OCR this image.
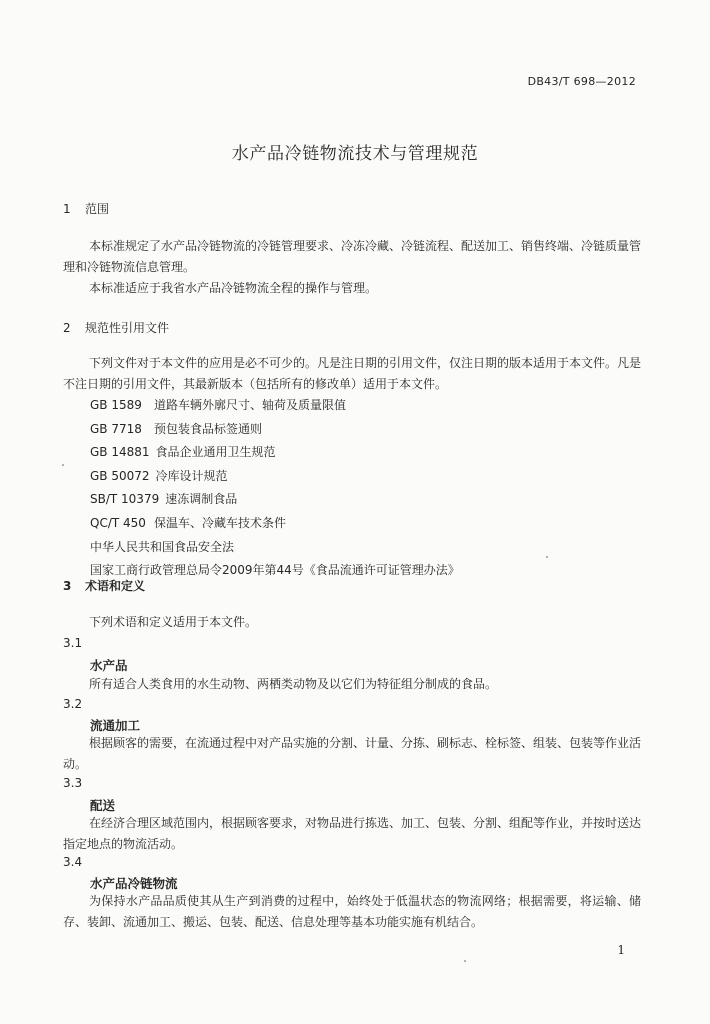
DB43/T 698—2012
水产品冷链物流技术与管理规范
1 范围
本标准规定了水产品冷链物流的冷链管理要求、冷冻冷藏、冷链流程、配送加工、销售终端、冷链质量管理和冷链物流信息管理。
本标准适应于我省水产品冷链物流全程的操作与管理。
2 规范性引用文件
下列文件对于本文件的应用是必不可少的。凡是注日期的引用文件，仅注日期的版本适用于本文件。凡是不注日期的引用文件，其最新版本（包括所有的修改单）适用于本文件。
GB 1589 道路车辆外廓尺寸、轴荷及质量限值
GB 7718 预包装食品标签通则
GB 14881 食品企业通用卫生规范
GB 50072 冷库设计规范
SB/T 10379 速冻调制食品
QC/T 450 保温车、冷藏车技术条件
中华人民共和国食品安全法
国家工商行政管理总局令2009年第44号《食品流通许可证管理办法》
3 术语和定义
下列术语和定义适用于本文件。
3.1
水产品
所有适合人类食用的水生动物、两栖类动物及以它们为特征组分制成的食品。
3.2
流通加工
根据顾客的需要，在流通过程中对产品实施的分割、计量、分拣、刷标志、栓标签、组装、包装等作业活动。
3.3
配送
在经济合理区域范围内，根据顾客要求，对物品进行拣选、加工、包装、分割、组配等作业，并按时送达指定地点的物流活动。
3.4
水产品冷链物流
为保持水产品品质使其从生产到消费的过程中，始终处于低温状态的物流网络；根据需要，将运输、储存、装卸、流通加工、搬运、包装、配送、信息处理等基本功能实施有机结合。
1
